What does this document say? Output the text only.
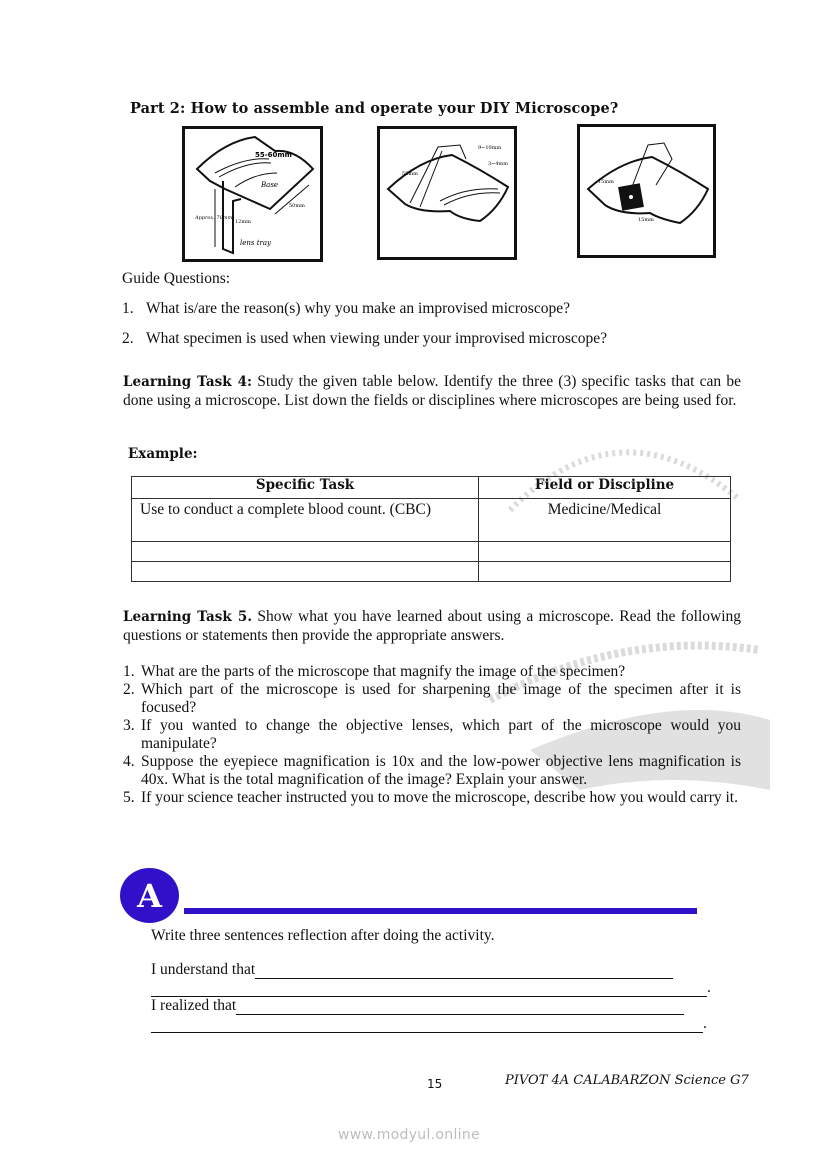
Part 2: How to assemble and operate your DIY Microscope?
55-60mm
Base
50mm
Approx. 70mm
12mm
lens tray
9~10mm
3~4mm
55mm
15mm
15mm
Guide Questions:
1. What is/are the reason(s) why you make an improvised microscope?
2. What specimen is used when viewing under your improvised microscope?
Learning Task 4: Study the given table below. Identify the three (3) specific tasks that can be done using a microscope. List down the fields or disciplines where microscopes are being used for.
Example:
Specific Task	Field or Discipline
Use to conduct a complete blood count. (CBC)	Medicine/Medical

Learning Task 5. Show what you have learned about using a microscope. Read the following questions or statements then provide the appropriate answers.
1. What are the parts of the microscope that magnify the image of the specimen?
2. Which part of the microscope is used for sharpening the image of the specimen after it is focused?
3. If you wanted to change the objective lenses, which part of the microscope would you manipulate?
4. Suppose the eyepiece magnification is 10x and the low-power objective lens magnification is 40x. What is the total magnification of the image? Explain your answer.
5. If your science teacher instructed you to move the microscope, describe how you would carry it.
A
Write three sentences reflection after doing the activity.
I understand that
.
I realized that
.
15	PIVOT 4A CALABARZON Science G7
www.modyul.online
